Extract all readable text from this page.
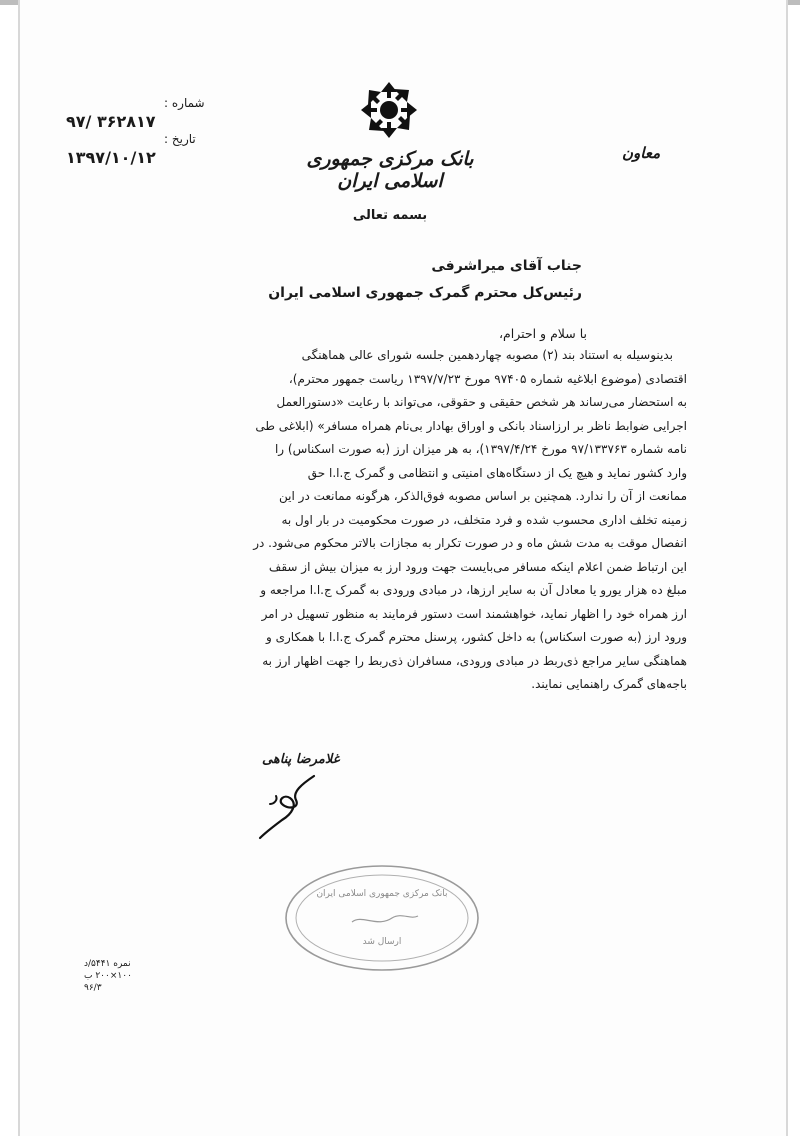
شماره :
۹۷/ ۳۶۲۸۱۷
تاریخ :
۱۳۹۷/۱۰/۱۲	بانک مرکزی جمهوری اسلامی ایران
معاون
بسمه تعالی
جناب آقای میراشرفی
رئیس‌کل محترم گمرک جمهوری اسلامی ایران
با سلام و احترام،
بدینوسیله به استناد بند (۲) مصوبه چهاردهمین جلسه شورای عالی هماهنگی
اقتصادی (موضوع ابلاغیه شماره ۹۷۴۰۵ مورخ ۱۳۹۷/۷/۲۳ ریاست جمهور محترم)،
به استحضار می‌رساند هر شخص حقیقی و حقوقی، می‌تواند با رعایت «دستورالعمل
اجرایی ضوابط ناظر بر ارزاسناد بانکی و اوراق بهادار بی‌نام همراه مسافر» (ابلاغی طی
نامه شماره ۹۷/۱۳۳۷۶۳ مورخ ۱۳۹۷/۴/۲۴)، به هر میزان ارز (به صورت اسکناس) را
وارد کشور نماید و هیچ یک از دستگاه‌های امنیتی و انتظامی و گمرک ج.ا.ا حق
ممانعت از آن را ندارد. همچنین بر اساس مصوبه فوق‌الذکر، هرگونه ممانعت در این
زمینه تخلف اداری محسوب شده و فرد متخلف، در صورت محکومیت در بار اول به
انفصال موقت به مدت شش ماه و در صورت تکرار به مجازات بالاتر محکوم می‌شود. در
این ارتباط ضمن اعلام اینکه مسافر می‌بایست جهت ورود ارز به میزان بیش از سقف
مبلغ ده هزار یورو یا معادل آن به سایر ارزها، در مبادی ورودی به گمرک ج.ا.ا مراجعه و
ارز همراه خود را اظهار نماید، خواهشمند است دستور فرمایند به منظور تسهیل در امر
ورود ارز (به صورت اسکناس) به داخل کشور، پرسنل محترم گمرک ج.ا.ا با همکاری و
هماهنگی سایر مراجع ذی‌ربط در مبادی ورودی، مسافران ذی‌ربط را جهت اظهار ارز به
باجه‌های گمرک راهنمایی نمایند.
غلامرضا پناهی
بانک مرکزی جمهوری اسلامی ایران
ارسال شد
نمره ۵۴۴۱/د
۱۰۰×۲۰۰ ب
۹۶/۳
